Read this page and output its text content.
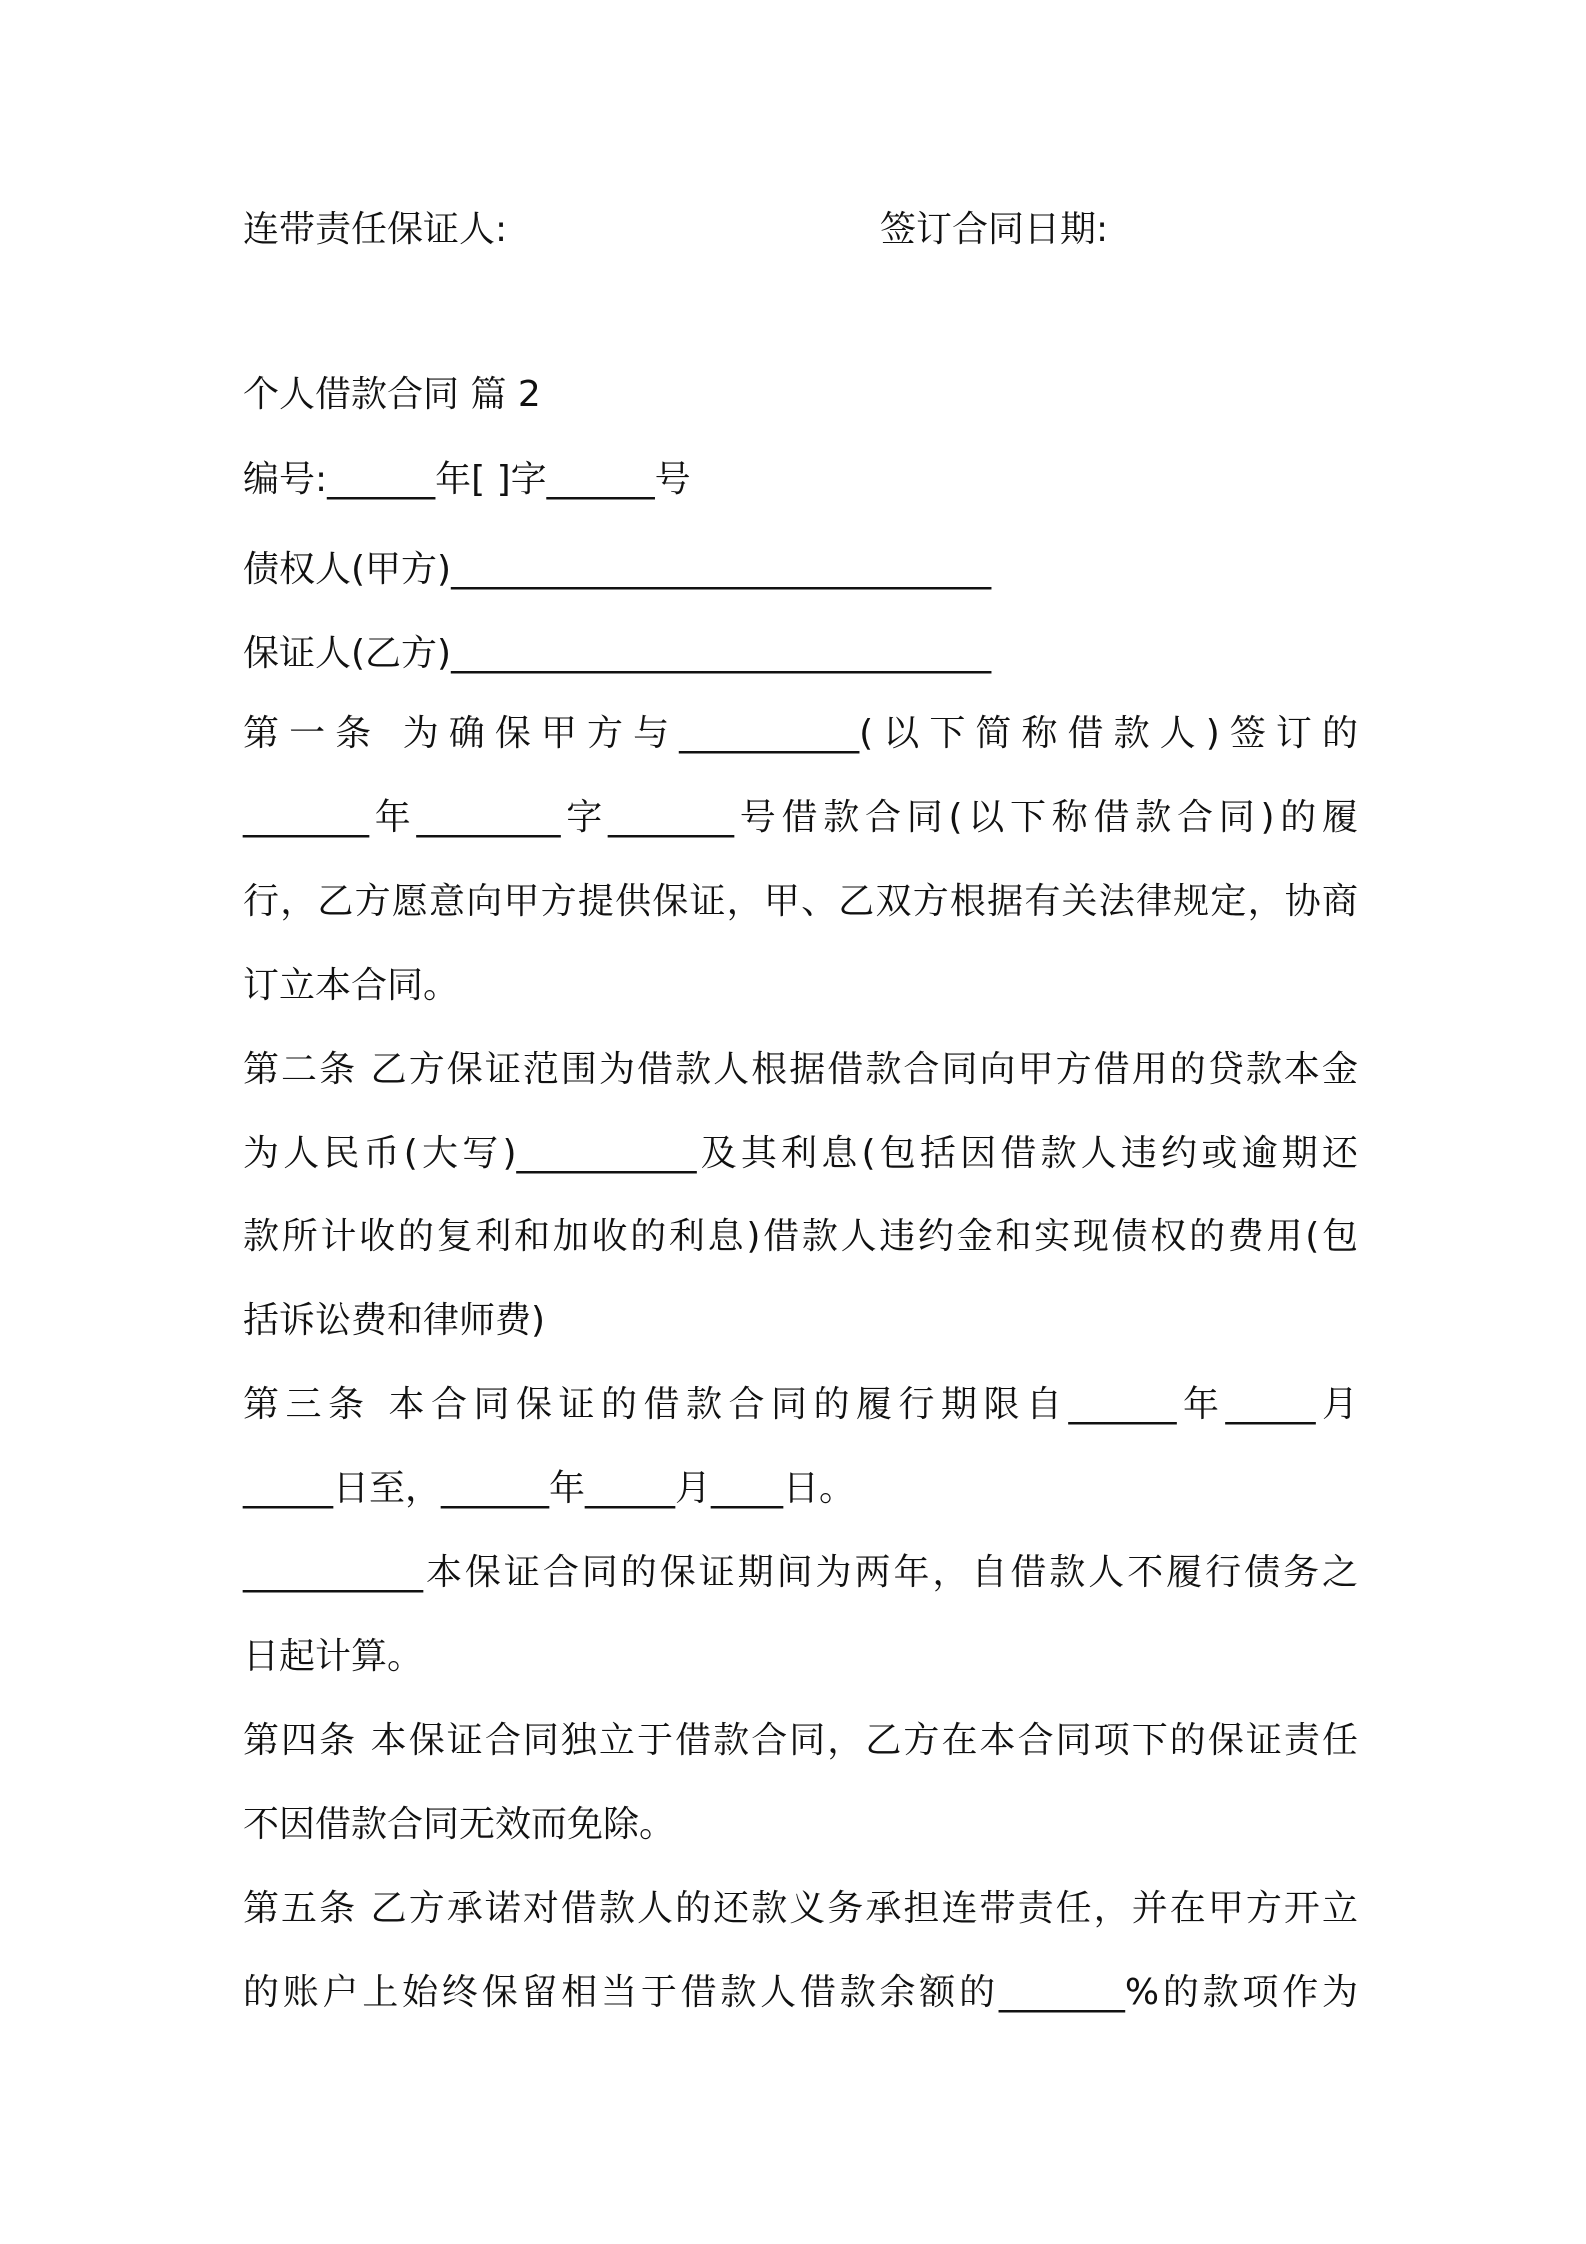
连带责任保证人:	签订合同日期:
个人借款合同 篇 2
编号:______年[ ]字______号
债权人(甲方)______________________________
保证人(乙方)______________________________
第一条 为确保甲方与__________(以下简称借款人)签订的
_______年________字_______号借款合同(以下称借款合同)的履
行，乙方愿意向甲方提供保证，甲、乙双方根据有关法律规定，协商
订立本合同。
第二条 乙方保证范围为借款人根据借款合同向甲方借用的贷款本金
为人民币(大写)__________及其利息(包括因借款人违约或逾期还
款所计收的复利和加收的利息)借款人违约金和实现债权的费用(包
括诉讼费和律师费)
第三条 本合同保证的借款合同的履行期限自______年_____月
_____日至，______年_____月____日。
__________本保证合同的保证期间为两年，自借款人不履行债务之
日起计算。
第四条 本保证合同独立于借款合同，乙方在本合同项下的保证责任
不因借款合同无效而免除。
第五条 乙方承诺对借款人的还款义务承担连带责任，并在甲方开立
的账户上始终保留相当于借款人借款余额的_______%的款项作为
